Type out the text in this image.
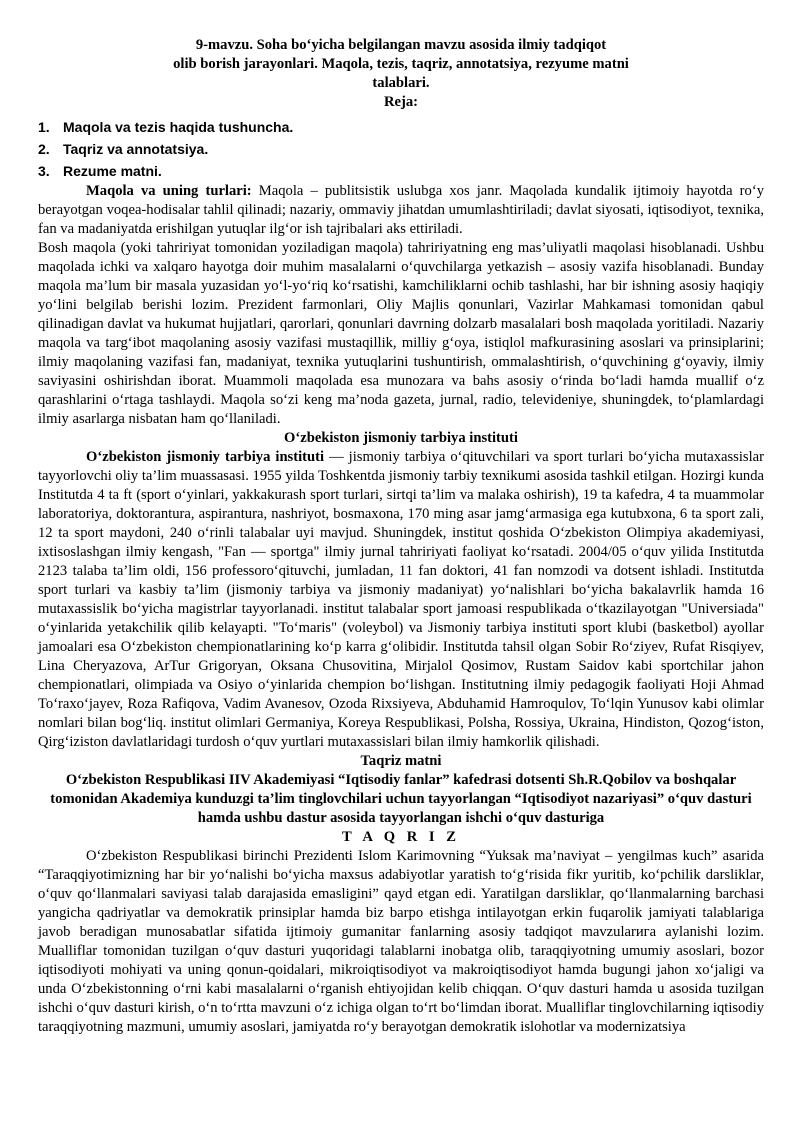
9-mavzu. Soha bo‘yicha belgilangan mavzu asosida ilmiy tadqiqot

olib borish jarayonlari. Maqola, tezis, taqriz, annotatsiya, rezyume matni

talablari.

Reja:

1. Maqola va tezis haqida tushuncha.
2. Taqriz va annotatsiya.
3. Rezume matni.

Maqola va uning turlari: Maqola – publitsistik uslubga xos janr. Maqolada kundalik ijtimoiy hayotda ro‘y berayotgan voqea-hodisalar tahlil qilinadi; nazariy, ommaviy jihatdan umumlashtiriladi; davlat siyosati, iqtisodiyot, texnika, fan va madaniyatda erishilgan yutuqlar ilg‘or ish tajribalari aks ettiriladi.

Bosh maqola (yoki tahririyat tomonidan yoziladigan maqola) tahririyatning eng mas’uliyatli maqolasi hisoblanadi. Ushbu maqolada ichki va xalqaro hayotga doir muhim masalalarni o‘quvchilarga yetkazish – asosiy vazifa hisoblanadi. Bunday maqola ma’lum bir masala yuzasidan yo‘l-yo‘riq ko‘rsatishi, kamchiliklarni ochib tashlashi, har bir ishning asosiy haqiqiy yo‘lini belgilab berishi lozim. Prezident farmonlari, Oliy Majlis qonunlari, Vazirlar Mahkamasi tomonidan qabul qilinadigan davlat va hukumat hujjatlari, qarorlari, qonunlari davrning dolzarb masalalari bosh maqolada yoritiladi. Nazariy maqola va targ‘ibot maqolaning asosiy vazifasi mustaqillik, milliy g‘oya, istiqlol mafkurasining asoslari va prinsiplarini; ilmiy maqolaning vazifasi fan, madaniyat, texnika yutuqlarini tushuntirish, ommalashtirish, o‘quvchining g‘oyaviy, ilmiy saviyasini oshirishdan iborat. Muammoli maqolada esa munozara va bahs asosiy o‘rinda bo‘ladi hamda muallif o‘z qarashlarini o‘rtaga tashlaydi. Maqola so‘zi keng ma’noda gazeta, jurnal, radio, televideniye, shuningdek, to‘plamlardagi ilmiy asarlarga nisbatan ham qo‘llaniladi.

O‘zbekiston jismoniy tarbiya instituti

O‘zbekiston jismoniy tarbiya instituti — jismoniy tarbiya o‘qituvchilari va sport turlari bo‘yicha mutaxassislar tayyorlovchi oliy ta’lim muassasasi. 1955 yilda Toshkentda jismoniy tarbiy texnikumi asosida tashkil etilgan. Hozirgi kunda Institutda 4 ta ft (sport o‘yinlari, yakkakurash sport turlari, sirtqi ta’lim va malaka oshirish), 19 ta kafedra, 4 ta muammolar laboratoriya, doktorantura, aspirantura, nashriyot, bosmaxona, 170 ming asar jamg‘armasiga ega kutubxona, 6 ta sport zali, 12 ta sport maydoni, 240 o‘rinli talabalar uyi mavjud. Shuningdek, institut qoshida O‘zbekiston Olimpiya akademiyasi, ixtisoslashgan ilmiy kengash, "Fan — sportga" ilmiy jurnal tahririyati faoliyat ko‘rsatadi. 2004/05 o‘quv yilida Institutda 2123 talaba ta’lim oldi, 156 professoro‘qituvchi, jumladan, 11 fan doktori, 41 fan nomzodi va dotsent ishladi. Institutda sport turlari va kasbiy ta’lim (jismoniy tarbiya va jismoniy madaniyat) yo‘nalishlari bo‘yicha bakalavrlik hamda 16 mutaxassislik bo‘yicha magistrlar tayyorlanadi. institut talabalar sport jamoasi respublikada o‘tkazilayotgan "Universiada" o‘yinlarida yetakchilik qilib kelayapti. "To‘maris" (voleybol) va Jismoniy tarbiya instituti sport klubi (basketbol) ayollar jamoalari esa O‘zbekiston chempionatlarining ko‘p karra g‘olibidir. Institutda tahsil olgan Sobir Ro‘ziyev, Rufat Risqiyev, Lina Cheryazova, ArTur Grigoryan, Oksana Chusovitina, Mirjalol Qosimov, Rustam Saidov kabi sportchilar jahon chempionatlari, olimpiada va Osiyo o‘yinlarida chempion bo‘lishgan. Institutning ilmiy pedagogik faoliyati Hoji Ahmad To‘raxo‘jayev, Roza Rafiqova, Vadim Avanesov, Ozoda Rixsiyeva, Abduhamid Hamroqulov, To‘lqin Yunusov kabi olimlar nomlari bilan bog‘liq. institut olimlari Germaniya, Koreya Respublikasi, Polsha, Rossiya, Ukraina, Hindiston, Qozog‘iston, Qirg‘iziston davlatlaridagi turdosh o‘quv yurtlari mutaxassislari bilan ilmiy hamkorlik qilishadi.

Taqriz matni

O‘zbekiston Respublikasi IIV Akademiyasi “Iqtisodiy fanlar” kafedrasi dotsenti Sh.R.Qobilov va boshqalar tomonidan Akademiya kunduzgi ta’lim tinglovchilari uchun tayyorlangan “Iqtisodiyot nazariyasi” o‘quv dasturi hamda ushbu dastur asosida tayyorlangan ishchi o‘quv dasturiga

T A Q R I Z

O‘zbekiston Respublikasi birinchi Prezidenti Islom Karimovning “Yuksak ma’naviyat – yengilmas kuch” asarida “Taraqqiyotimizning har bir yo‘nalishi bo‘yicha maxsus adabiyotlar yaratish to‘g‘risida fikr yuritib, ko‘pchilik darsliklar, o‘quv qo‘llanmalari saviyasi talab darajasida emasligini” qayd etgan edi. Yaratilgan darsliklar, qo‘llanmalarning barchasi yangicha qadriyatlar va demokratik prinsiplar hamda biz barpo etishga intilayotgan erkin fuqarolik jamiyati talablariga javob beradigan munosabatlar sifatida ijtimoiy gumanitar fanlarning asosiy tadqiqot mavzularига aylanishi lozim. Mualliflar tomonidan tuzilgan o‘quv dasturi yuqoridagi talablarni inobatga olib, taraqqiyotning umumiy asoslari, bozor iqtisodiyoti mohiyati va uning qonun-qoidalari, mikroiqtisodiyot va makroiqtisodiyot hamda bugungi jahon xo‘jaligi va unda O‘zbekistonning o‘rni kabi masalalarni o‘rganish ehtiyojidan kelib chiqqan. O‘quv dasturi hamda u asosida tuzilgan ishchi o‘quv dasturi kirish, o‘n to‘rtta mavzuni o‘z ichiga olgan to‘rt bo‘limdan iborat. Mualliflar tinglovchilarning iqtisodiy taraqqiyotning mazmuni, umumiy asoslari, jamiyatda ro‘y berayotgan demokratik islohotlar va modernizatsiya
